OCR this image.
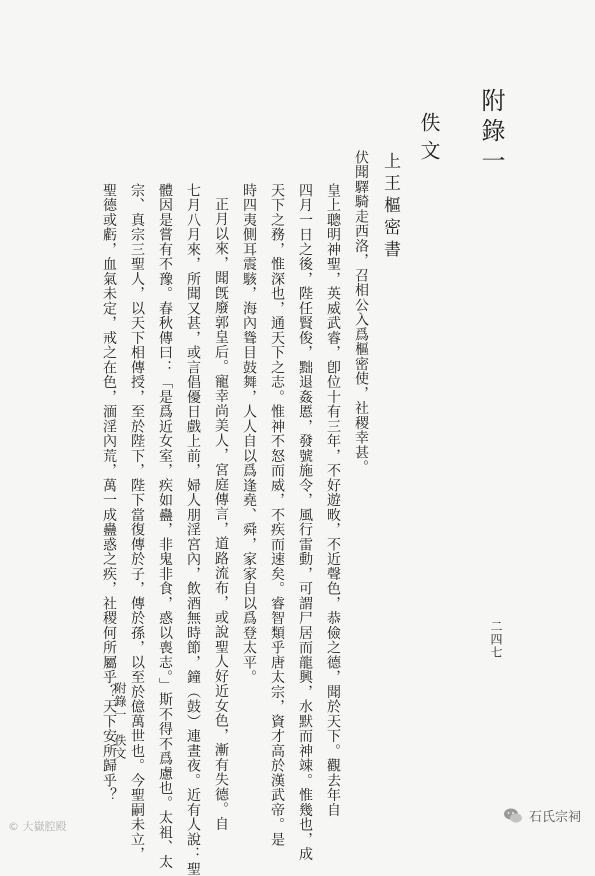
附錄一
佚文
上王樞密書
伏聞驛騎走西洛，召相公入爲樞密使，社稷幸甚。
皇上聰明神聖，英威武睿，卽位十有三年，不好遊畋，不近聲色，恭儉之德，聞於天下。觀去年自
四月一日之後，陛任賢俊，黜退姦慝，發號施令，風行雷動，可謂尸居而龍興，水默而神竦。惟幾也，成
天下之務，惟深也，通天下之志。惟神不怒而威，不疾而速矣。睿智類乎唐太宗，資才高於漢武帝。是
時四夷側耳震駭，海內聳目鼓舞，人人自以爲逢堯、舜，家家自以爲登太平。
正月以來，聞旣廢郭皇后。寵幸尚美人，宮庭傳言，道路流布，或說聖人好近女色，漸有失德。自
七月八月來，所聞又甚，或言倡優日戲上前，婦人朋淫宮內，飲酒無時節，鐘（鼓）連晝夜。近有人說：聖
體因是嘗有不豫。春秋傳曰：「是爲近女室，疾如蠱，非鬼非食，惑以喪志。」斯不得不爲慮也。太祖、太
宗、真宗三聖人，以天下相傳授，至於陛下，陛下當復傳於子，傳於孫，以至於億萬世也。今聖嗣未立，
聖德或虧，血氣未定，戒之在色，湎淫內荒，萬一成蠱惑之疾，社稷何所屬乎？天下安所歸乎？
附錄一　佚文
二四七
© 大嶽腔殿
石氏宗祠
